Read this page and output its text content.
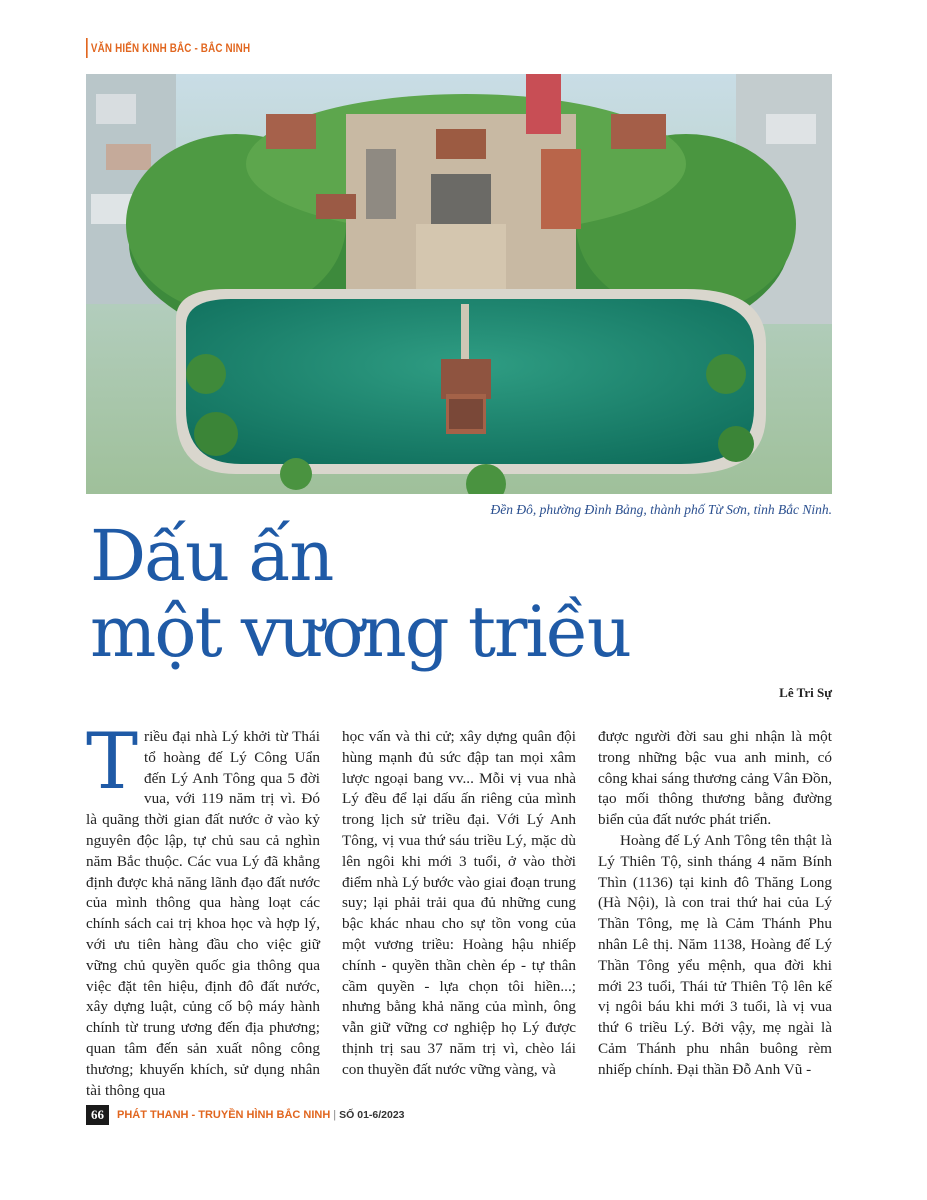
VĂN HIẾN KINH BẮC - BẮC NINH
Đền Đô, phường Đình Bảng, thành phố Từ Sơn, tỉnh Bắc Ninh.
Dấu ấn
một vương triều
Lê Tri Sự

Triều đại nhà Lý khởi từ Thái tổ hoàng đế Lý Công Uẩn đến Lý Anh Tông qua 5 đời vua, với 119 năm trị vì. Đó là quãng thời gian đất nước ở vào kỷ nguyên độc lập, tự chủ sau cả nghìn năm Bắc thuộc. Các vua Lý đã khẳng định được khả năng lãnh đạo đất nước của mình thông qua hàng loạt các chính sách cai trị khoa học và hợp lý, với ưu tiên hàng đầu cho việc giữ vững chủ quyền quốc gia thông qua việc đặt tên hiệu, định đô đất nước, xây dựng luật, củng cố bộ máy hành chính từ trung ương đến địa phương; quan tâm đến sản xuất nông công thương; khuyến khích, sử dụng nhân tài thông qua

học vấn và thi cử; xây dựng quân đội hùng mạnh đủ sức đập tan mọi xâm lược ngoại bang vv... Mỗi vị vua nhà Lý đều để lại dấu ấn riêng của mình trong lịch sử triều đại. Với Lý Anh Tông, vị vua thứ sáu triều Lý, mặc dù lên ngôi khi mới 3 tuổi, ở vào thời điểm nhà Lý bước vào giai đoạn trung suy; lại phải trải qua đủ những cung bậc khác nhau cho sự tồn vong của một vương triều: Hoàng hậu nhiếp chính - quyền thần chèn ép - tự thân cầm quyền - lựa chọn tôi hiền...; nhưng bằng khả năng của mình, ông vẫn giữ vững cơ nghiệp họ Lý được thịnh trị sau 37 năm trị vì, chèo lái con thuyền đất nước vững vàng, và

được người đời sau ghi nhận là một trong những bậc vua anh minh, có công khai sáng thương cảng Vân Đồn, tạo mối thông thương bằng đường biển của đất nước phát triển.

Hoàng đế Lý Anh Tông tên thật là Lý Thiên Tộ, sinh tháng 4 năm Bính Thìn (1136) tại kinh đô Thăng Long (Hà Nội), là con trai thứ hai của Lý Thần Tông, mẹ là Cảm Thánh Phu nhân Lê thị. Năm 1138, Hoàng đế Lý Thần Tông yểu mệnh, qua đời khi mới 23 tuổi, Thái tử Thiên Tộ lên kế vị ngôi báu khi mới 3 tuổi, là vị vua thứ 6 triều Lý. Bởi vậy, mẹ ngài là Cảm Thánh phu nhân buông rèm nhiếp chính. Đại thần Đỗ Anh Vũ -

66	PHÁT THANH - TRUYỀN HÌNH BẮC NINH | SỐ 01-6/2023
